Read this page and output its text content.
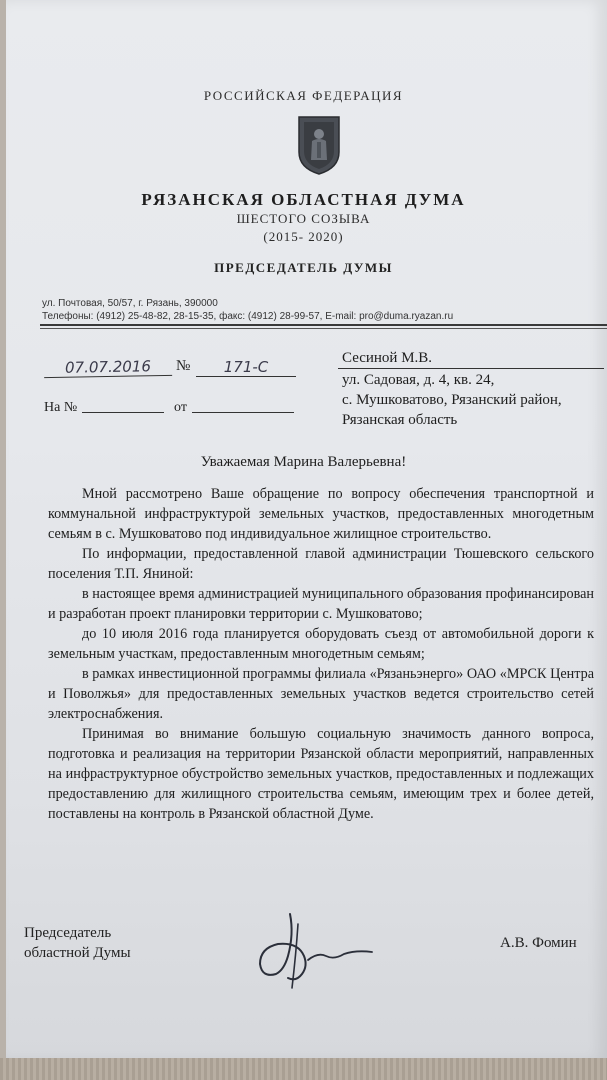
РОССИЙСКАЯ ФЕДЕРАЦИЯ
РЯЗАНСКАЯ ОБЛАСТНАЯ ДУМА
ШЕСТОГО СОЗЫВА
(2015- 2020)
ПРЕДСЕДАТЕЛЬ ДУМЫ
ул. Почтовая, 50/57, г. Рязань, 390000
Телефоны: (4912) 25-48-82, 28-15-35, факс: (4912) 28-99-57, E-mail: pro@duma.ryazan.ru
07.07.2016	№	171-С
На №	от
Сесиной М.В.
ул. Садовая, д. 4, кв. 24,
с. Мушковатово, Рязанский район,
Рязанская область
Уважаемая Марина Валерьевна!

Мной рассмотрено Ваше обращение по вопросу обеспечения транспортной и коммунальной инфраструктурой земельных участков, предоставленных многодетным семьям в с. Мушковатово под индивидуальное жилищное строительство.

По информации, предоставленной главой администрации Тюшевского сельского поселения Т.П. Яниной:

в настоящее время администрацией муниципального образования профинансирован и разработан проект планировки территории с. Мушковатово;

до 10 июля 2016 года планируется оборудовать съезд от автомобильной дороги к земельным участкам, предоставленным многодетным семьям;

в рамках инвестиционной программы филиала «Рязаньэнерго» ОАО «МРСК Центра и Поволжья» для предоставленных земельных участков ведется строительство сетей электроснабжения.

Принимая во внимание большую социальную значимость данного вопроса, подготовка и реализация на территории Рязанской области мероприятий, направленных на инфраструктурное обустройство земельных участков, предоставленных и подлежащих предоставлению для жилищного строительства семьям, имеющим трех и более детей, поставлены на контроль в Рязанской областной Думе.

Председатель
областной Думы
А.В. Фомин
